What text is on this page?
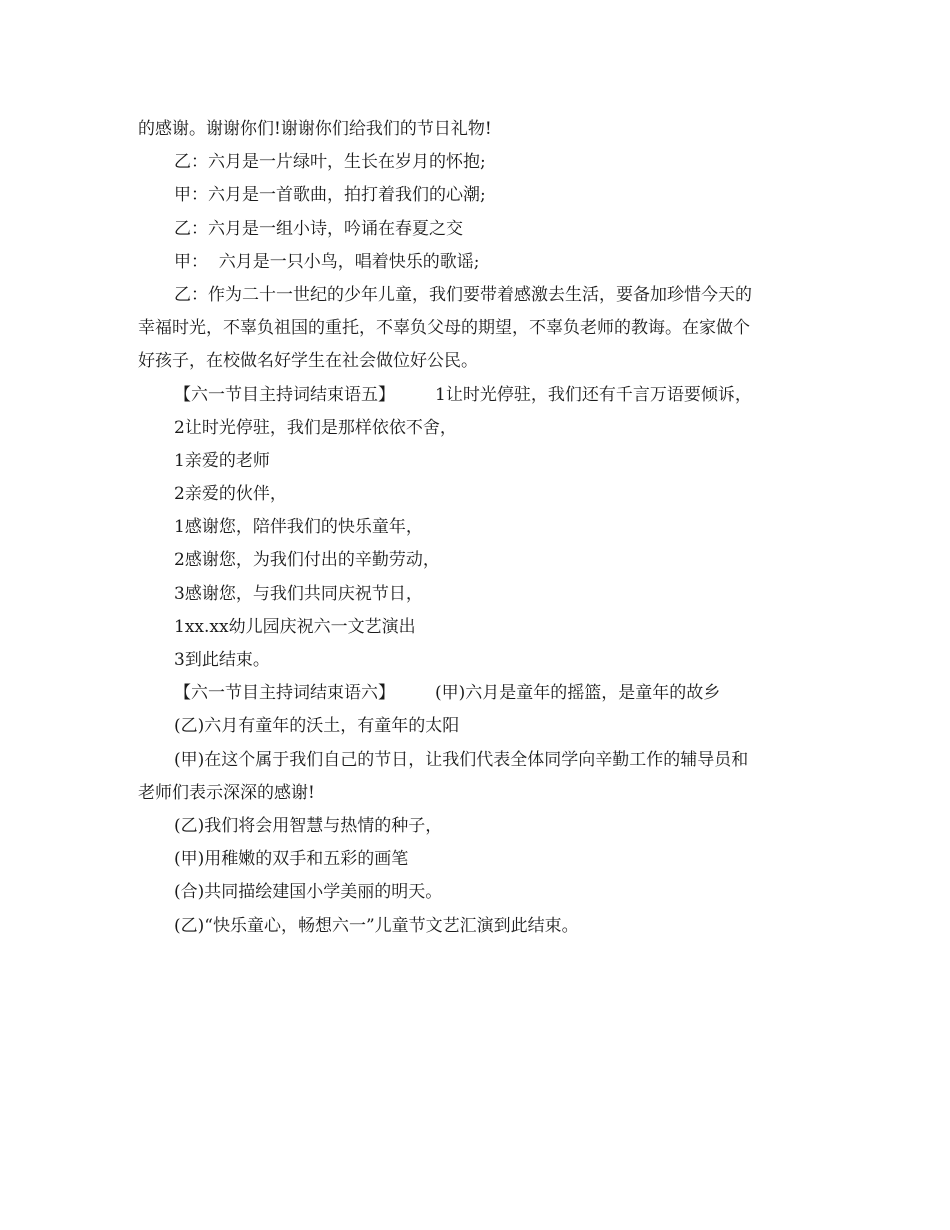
的感谢。谢谢你们!谢谢你们给我们的节日礼物!
乙：六月是一片绿叶，生长在岁月的怀抱;
甲：六月是一首歌曲，拍打着我们的心潮;
乙：六月是一组小诗，吟诵在春夏之交
甲：  六月是一只小鸟，唱着快乐的歌谣;
乙：作为二十一世纪的少年儿童，我们要带着感激去生活，要备加珍惜今天的
幸福时光，不辜负祖国的重托，不辜负父母的期望，不辜负老师的教诲。在家做个
好孩子，在校做名好学生在社会做位好公民。
【六一节目主持词结束语五】 1让时光停驻，我们还有千言万语要倾诉，
2让时光停驻，我们是那样依依不舍，
1亲爱的老师
2亲爱的伙伴，
1感谢您，陪伴我们的快乐童年，
2感谢您，为我们付出的辛勤劳动，
3感谢您，与我们共同庆祝节日，
1xx.xx幼儿园庆祝六一文艺演出
3到此结束。
【六一节目主持词结束语六】 (甲)六月是童年的摇篮，是童年的故乡
(乙)六月有童年的沃土，有童年的太阳
(甲)在这个属于我们自己的节日，让我们代表全体同学向辛勤工作的辅导员和
老师们表示深深的感谢!
(乙)我们将会用智慧与热情的种子，
(甲)用稚嫩的双手和五彩的画笔
(合)共同描绘建国小学美丽的明天。
(乙)“快乐童心，畅想六一”儿童节文艺汇演到此结束。
